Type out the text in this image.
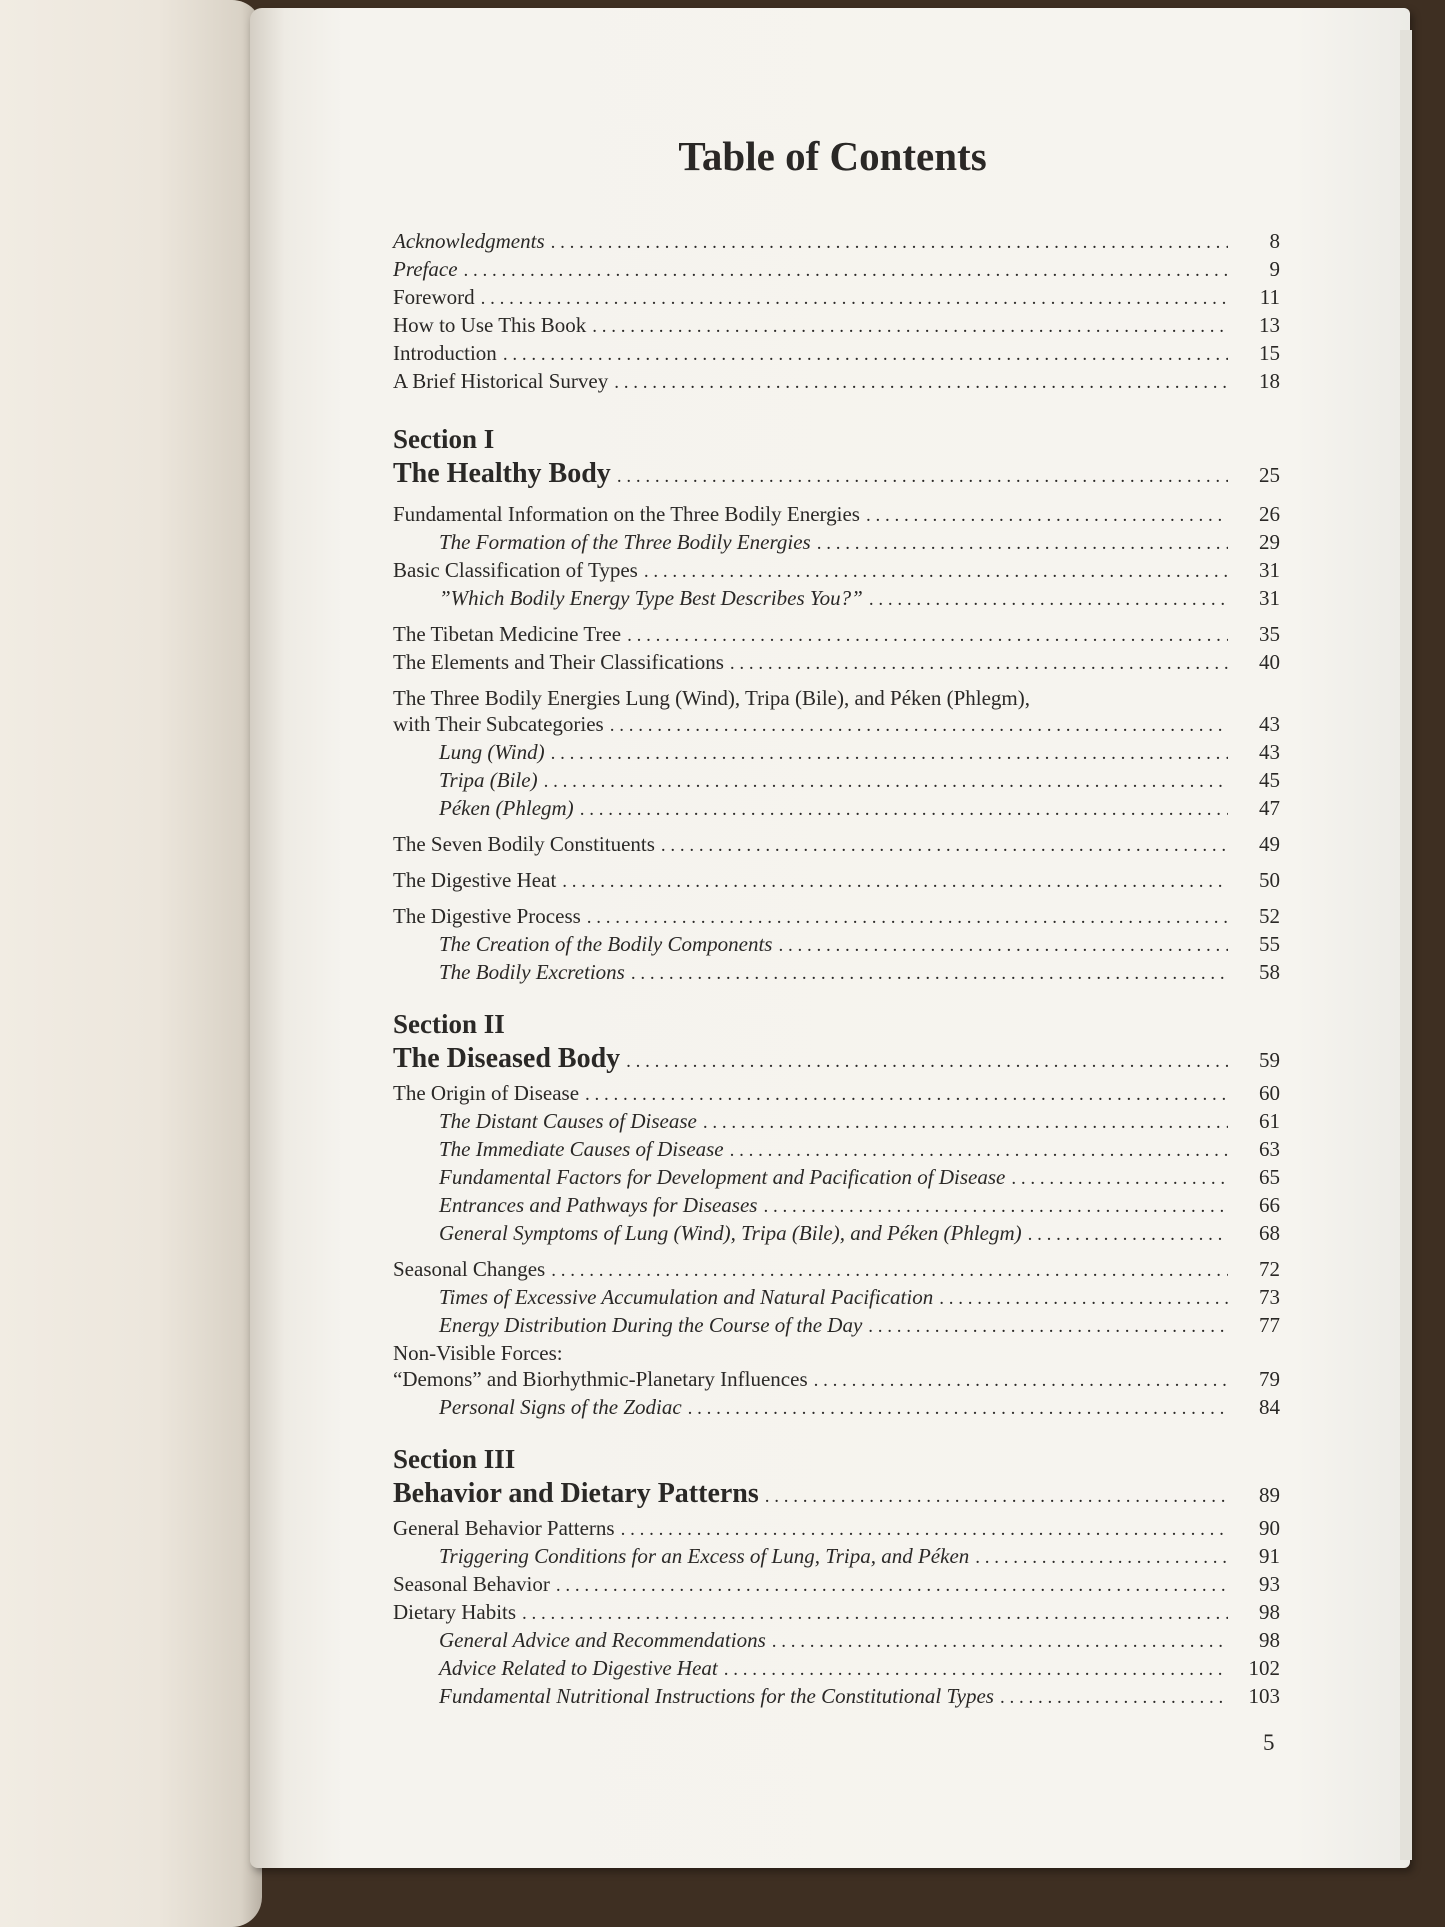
Table of Contents
Acknowledgments . . .	8
Preface . . .	9
Foreword . . .	11
How to Use This Book . . .	13
Introduction . . .	15
A Brief Historical Survey . . .	18
Section I
The Healthy Body . . .	25
Fundamental Information on the Three Bodily Energies . . .	26
The Formation of the Three Bodily Energies . . .	29
Basic Classification of Types . . .	31
”Which Bodily Energy Type Best Describes You?” . . .	31
The Tibetan Medicine Tree . . .	35
The Elements and Their Classifications . . .	40
The Three Bodily Energies Lung (Wind), Tripa (Bile), and Péken (Phlegm),
with Their Subcategories . . .	43
Lung (Wind) . . .	43
Tripa (Bile) . . .	45
Péken (Phlegm) . . .	47
The Seven Bodily Constituents . . .	49
The Digestive Heat . . .	50
The Digestive Process . . .	52
The Creation of the Bodily Components . . .	55
The Bodily Excretions . . .	58
Section II
The Diseased Body . . .	59
The Origin of Disease . . .	60
The Distant Causes of Disease . . .	61
The Immediate Causes of Disease . . .	63
Fundamental Factors for Development and Pacification of Disease . . .	65
Entrances and Pathways for Diseases . . .	66
General Symptoms of Lung (Wind), Tripa (Bile), and Péken (Phlegm) . . .	68
Seasonal Changes . . .	72
Times of Excessive Accumulation and Natural Pacification . . .	73
Energy Distribution During the Course of the Day . . .	77
Non-Visible Forces:
“Demons” and Biorhythmic-Planetary Influences . . .	79
Personal Signs of the Zodiac . . .	84
Section III
Behavior and Dietary Patterns . . .	89
General Behavior Patterns . . .	90
Triggering Conditions for an Excess of Lung, Tripa, and Péken . . .	91
Seasonal Behavior . . .	93
Dietary Habits . . .	98
General Advice and Recommendations . . .	98
Advice Related to Digestive Heat . . .	102
Fundamental Nutritional Instructions for the Constitutional Types . . .	103
5
